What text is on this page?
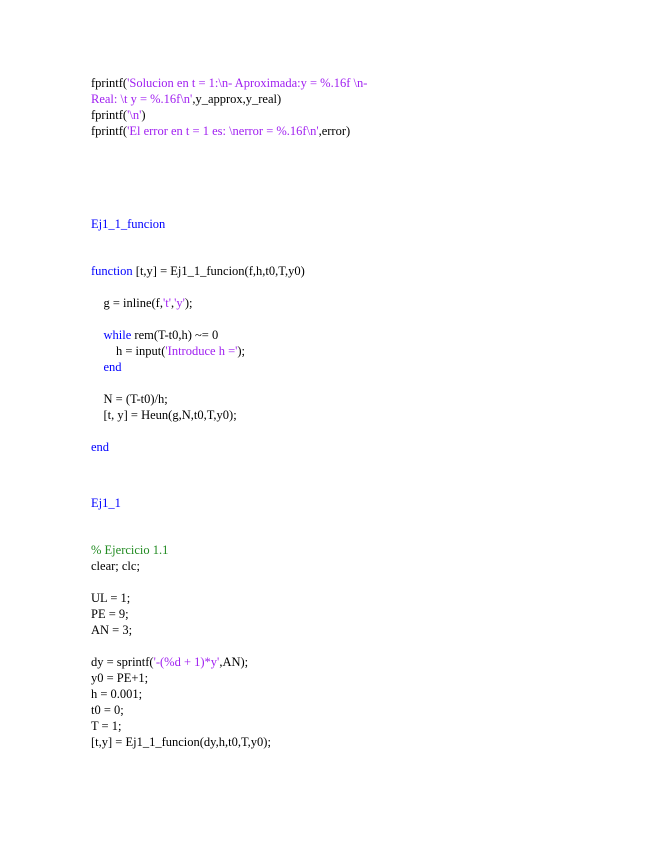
fprintf('Solucion en t = 1:\n- Aproximada:y = %.16f \n-
Real: \t y = %.16f\n',y_approx,y_real)
fprintf('\n')
fprintf('El error en t = 1 es: \nerror = %.16f\n',error)
Ej1_1_funcion
function [t,y] = Ej1_1_funcion(f,h,t0,T,y0)

g = inline(f,'t','y');

while rem(T-t0,h) ~= 0
h = input('Introduce h =');
end

N = (T-t0)/h;
[t, y] = Heun(g,N,t0,T,y0);

end
Ej1_1
% Ejercicio 1.1
clear; clc;

UL = 1;
PE = 9;
AN = 3;

dy = sprintf('-(%d + 1)*y',AN);
y0 = PE+1;
h = 0.001;
t0 = 0;
T = 1;
[t,y] = Ej1_1_funcion(dy,h,t0,T,y0);
